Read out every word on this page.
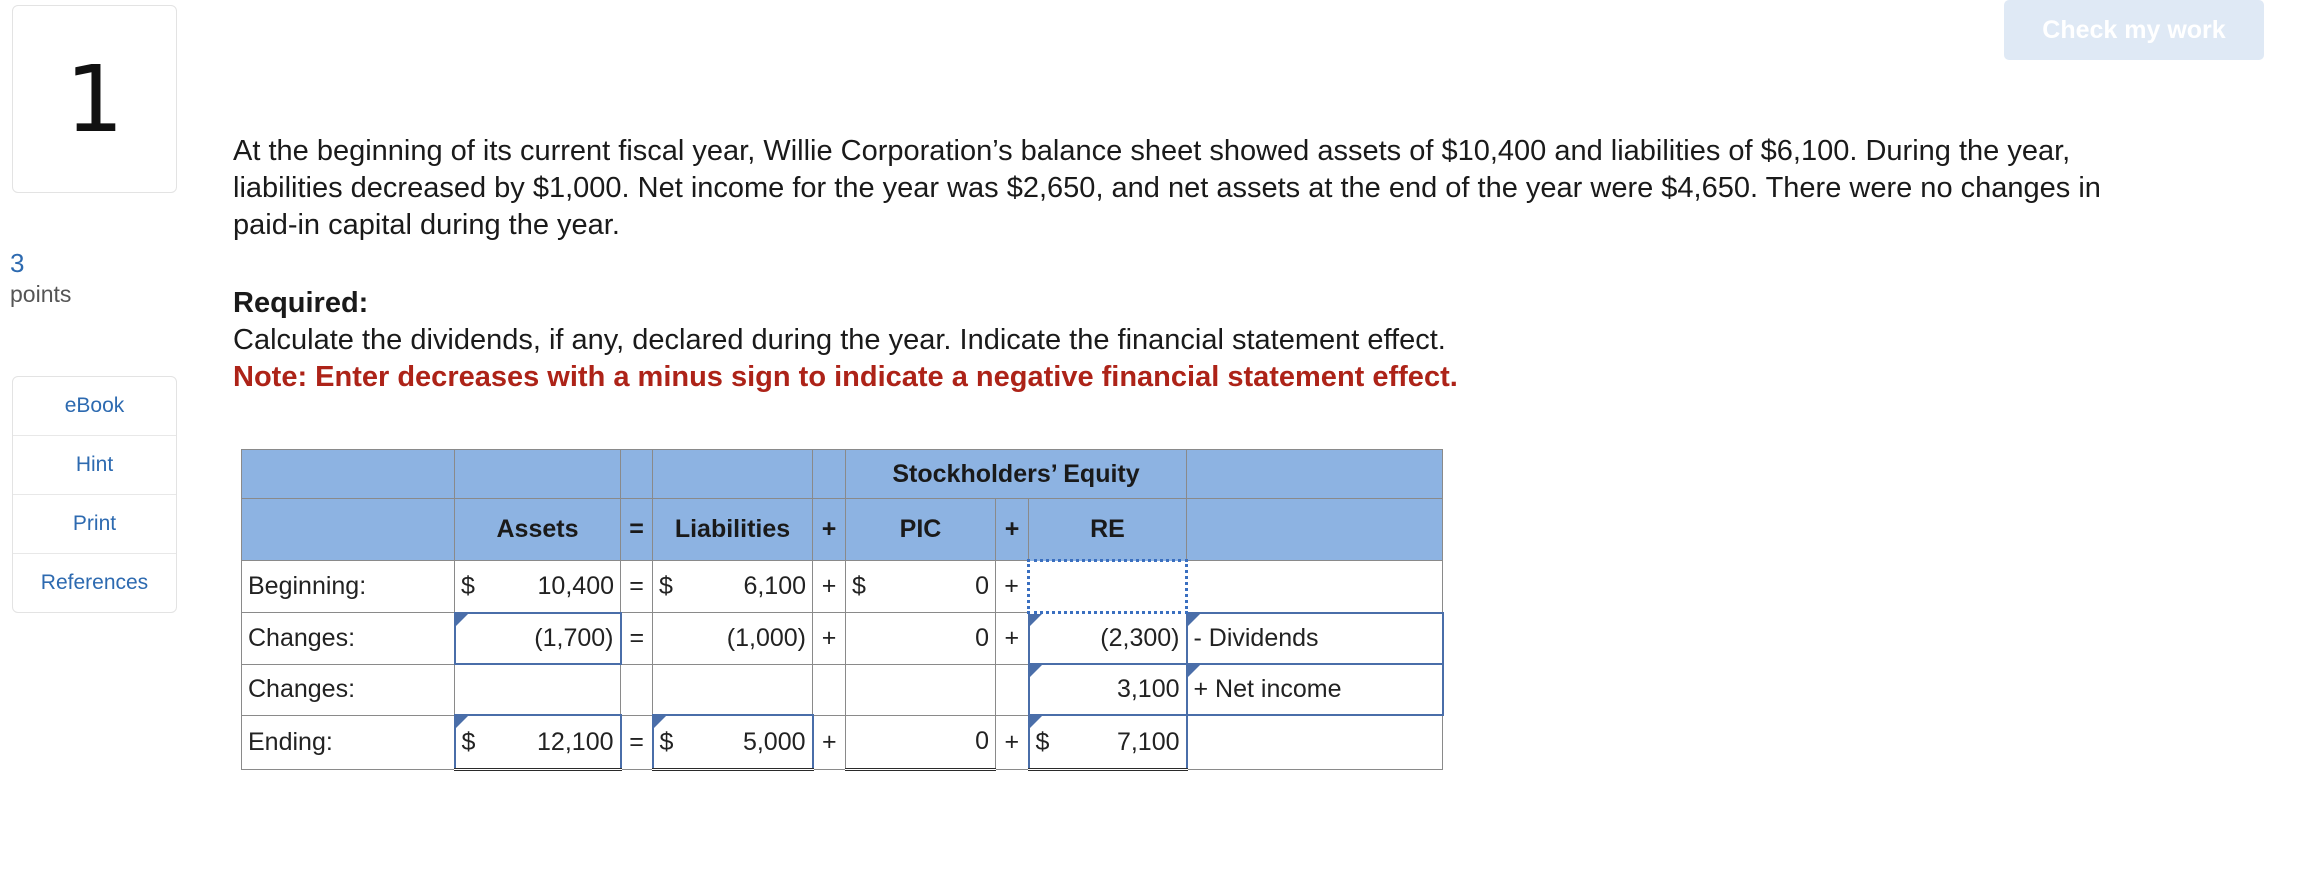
1
3
points
eBook
Hint
Print
References
Check my work

At the beginning of its current fiscal year, Willie Corporation’s balance sheet showed assets of $10,400 and liabilities of $6,100. During the year, liabilities decreased by $1,000. Net income for the year was $2,650, and net assets at the end of the year were $4,650. There were no changes in paid-in capital during the year.

Required:

Calculate the dividends, if any, declared during the year. Indicate the financial statement effect.

Note: Enter decreases with a minus sign to indicate a negative financial statement effect.

					Stockholders’ Equity			
	Assets	=	Liabilities	+	PIC	+	RE	
Beginning:	$ 10,400	=	$ 6,100	+	$ 0	+	

Changes:	(1,700)	=	(1,000)	+	0	+	(2,300)	- Dividends
Changes:							3,100	+ Net income
Ending:	$ 12,100	=	$ 5,000	+	0	+	$ 7,100	
